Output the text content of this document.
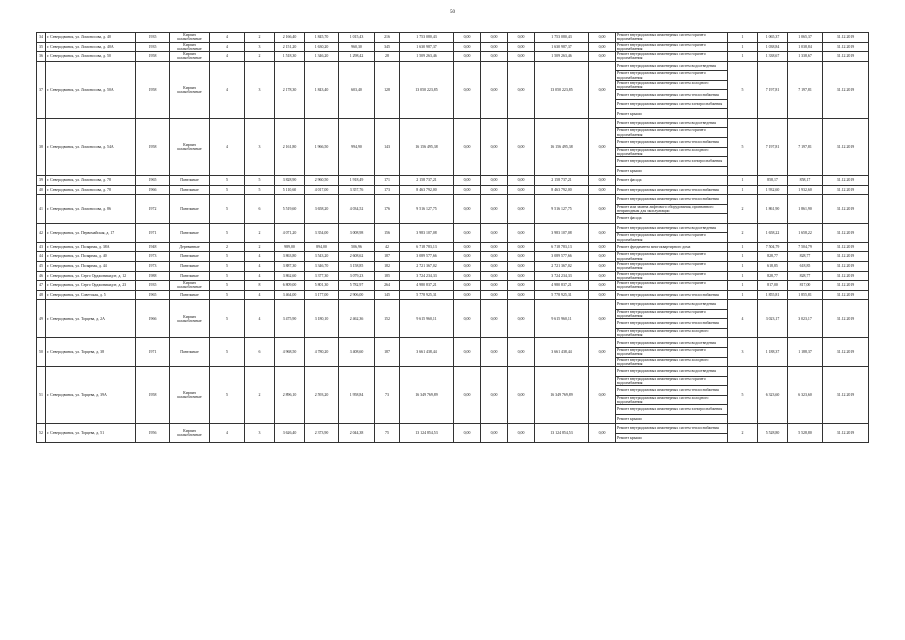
50
34	г. Северодвинск, ул. Ломоносова, д. 40	1935	Кирпич шлакоблочные	4	2	2 166,40	1 845,70	1 015,43	216	1 753 080,43	0,00	0,00	0,00	1 753 080,43	0,00	Ремонт внутридомовых инженерных систем горячего водоснабжения	1	1 065,37	1 065,37	31.12.2019
35	г. Северодвинск, ул. Ломоносова, д. 40А	1935	Кирпич шлакоблочные	4	3	2 151,20	1 630,20	960,30	345	1 630 987,37	0,00	0,00	0,00	1 630 987,37	0,00	Ремонт внутридомовых инженерных систем горячего водоснабжения	1	1 038,84	1 038,84	31.12.2019
36	г. Северодвинск, ул. Ломоносова, д. 50	1958	Кирпич шлакоблочные	4	2	1 518,30	1 346,20	1 298,42	28	1 509 263,46	0,00	0,00	0,00	1 509 263,46	0,00	Ремонт внутридомовых инженерных систем горячего водоснабжения	1	1 338,67	1 338,67	31.12.2019
37	г. Северодвинск, ул. Ломоносова, д. 50А	1958	Кирпич шлакоблочные	4	3	2 178,30	1 843,40	603,40	128	13 050 223,85	0,00	0,00	0,00	13 050 223,85	0,00	Ремонт внутридомовых инженерных систем водоотведения	5	7 197,81	7 197,81	31.12.2019
																Ремонт внутридомовых инженерных систем горячего водоснабжения				
																Ремонт внутридомовых инженерных систем холодного водоснабжения				
																Ремонт внутридомовых инженерных систем теплоснабжения				
																Ремонт внутридомовых инженерных систем электроснабжения				
																Ремонт крыши				
38	г. Северодвинск, ул. Ломоносова, д. 54А	1958	Кирпич шлакоблочные	4	3	2 161,80	1 966,50	994,90	143	16 156 495,38	0,00	0,00	0,00	16 156 495,38	0,00	Ремонт внутридомовых инженерных систем водоотведения	5	7 197,81	7 197,81	31.12.2019
																Ремонт внутридомовых инженерных систем горячего водоснабжения				
																Ремонт внутридомовых инженерных систем теплоснабжения				
																Ремонт внутридомовых инженерных систем холодного водоснабжения				
																Ремонт внутридомовых инженерных систем электроснабжения				
																Ремонт крыши				
39	г. Северодвинск, ул. Ломоносова, д. 78	1965	Панельные	5	5	3 828,90	2 960,50	1 918,49	171	2 158 737,21	0,00	0,00	0,00	2 158 737,21	0,00	Ремонт фасада	1	858,17	858,17	31.12.2019
40	г. Северодвинск, ул. Ломоносова, д. 78	1966	Панельные	5	5	5 110,60	4 017,00	3 357,76	173	8 463 792,00	0,00	0,00	0,00	8 463 792,00	0,00	Ремонт внутридомовых инженерных систем теплоснабжения	1	1 932,60	1 932,60	31.12.2019
41	г. Северодвинск, ул. Ломоносова, д. 86	1972	Панельные	5	6	5 519,60	3 658,20	4 034,52	176	9 516 127,75	0,00	0,00	0,00	9 516 127,75	0,00	Ремонт внутридомовых инженерных систем теплоснабжения	2	1 861,90	1 861,90	31.12.2019
																Ремонт или замена лифтового оборудования, признанного непригодным для эксплуатации				
																Ремонт фасада				
42	г. Северодвинск, ул. Первомайская, д. 17	1971	Панельные	5	2	4 071,20	3 354,00	3 008,98	156	3 983 107,08	0,00	0,00	0,00	3 983 107,08	0,00	Ремонт внутридомовых инженерных систем водоотведения	2	1 658,22	1 658,22	31.12.2019
																Ремонт внутридомовых инженерных систем горячего водоснабжения				
43	г. Северодвинск, ул. Полярная, д. 38А	1948	Деревянные	2	2	989,00	894,00	506,96	42	6 718 783,13	0,00	0,00	0,00	6 718 783,13	0,00	Ремонт фундамента многоквартирного дома	1	7 504,79	7 504,79	31.12.2019
44	г. Северодвинск, ул. Полярная, д. 40	1973	Панельные	5	4	3 863,80	3 543,20	2 608,62	187	3 089 577,66	0,00	0,00	0,00	3 089 577,66	0,00	Ремонт внутридомовых инженерных систем горячего водоснабжения	1	828,77	828,77	31.12.2019
45	г. Северодвинск, ул. Полярная, д. 44	1973	Панельные	5	4	3 887,30	3 346,70	3 158,85	182	2 721 367,02	0,00	0,00	0,00	2 721 367,02	0,00	Ремонт внутридомовых инженерных систем горячего водоснабжения	1	618,85	618,85	31.12.2019
46	г. Северодвинск, ул. Серго Орджоникидзе, д. 12	1988	Панельные	5	4	3 862,60	3 377,30	3 079,23	185	3 724 234,33	0,00	0,00	0,00	3 724 234,33	0,00	Ремонт внутридомовых инженерных систем горячего водоснабжения	1	828,77	828,77	31.12.2019
47	г. Северодвинск, ул. Серго Орджоникидзе, д. 23	1935	Кирпич шлакоблочные	5	8	6 809,00	5 801,30	5 782,97	264	4 980 837,21	0,00	0,00	0,00	4 980 837,21	0,00	Ремонт внутридомовых инженерных систем горячего водоснабжения	1	817,00	817,00	31.12.2019
48	г. Северодвинск, ул. Советская, д. 5	1965	Панельные	5	4	3 464,00	3 177,00	2 906,00	145	5 778 925,31	0,00	0,00	0,00	5 778 925,31	0,00	Ремонт внутридомовых инженерных систем теплоснабжения	1	1 855,81	1 855,81	31.12.2019
49	г. Северодвинск, ул. Торцева, д. 2А	1966	Кирпич шлакоблочные	5	4	3 475,90	3 180,10	2 462,36	152	9 615 960,11	0,00	0,00	0,00	9 615 960,11	0,00	Ремонт внутридомовых инженерных систем водоотведения	4	3 023,17	3 023,17	31.12.2019
																Ремонт внутридомовых инженерных систем горячего водоснабжения				
																Ремонт внутридомовых инженерных систем теплоснабжения				
																Ремонт внутридомовых инженерных систем холодного водоснабжения				
50	г. Северодвинск, ул. Торцева, д. 38	1971	Панельные	5	6	4 968,50	4 780,20	3 408,60	187	3 661 438,44	0,00	0,00	0,00	3 661 438,44	0,00	Ремонт внутридомовых инженерных систем водоотведения	3	1 188,37	1 188,37	31.12.2019
																Ремонт внутридомовых инженерных систем горячего водоснабжения				
																Ремонт внутридомовых инженерных систем холодного водоснабжения				
51	г. Северодвинск, ул. Торцева, д. 39А	1958	Кирпич шлакоблочные	5	2	2 896,10	2 593,20	1 958,84	73	16 349 769,89	0,00	0,00	0,00	16 349 769,89	0,00	Ремонт внутридомовых инженерных систем водоотведения	5	6 323,60	6 323,60	31.12.2019
																Ремонт внутридомовых инженерных систем горячего водоснабжения				
																Ремонт внутридомовых инженерных систем теплоснабжения				
																Ремонт внутридомовых инженерных систем холодного водоснабжения				
																Ремонт внутридомовых инженерных систем электроснабжения				
																Ремонт крыши				
52	г. Северодвинск, ул. Торцева, д. 51	1956	Кирпич шлакоблочные	4	3	3 626,40	2 373,90	2 044,38	75	13 124 854,53	0,00	0,00	0,00	13 124 854,53	0,00	Ремонт внутридомовых инженерных систем теплоснабжения	2	5 528,80	5 528,80	31.12.2019
																Ремонт крыши				
